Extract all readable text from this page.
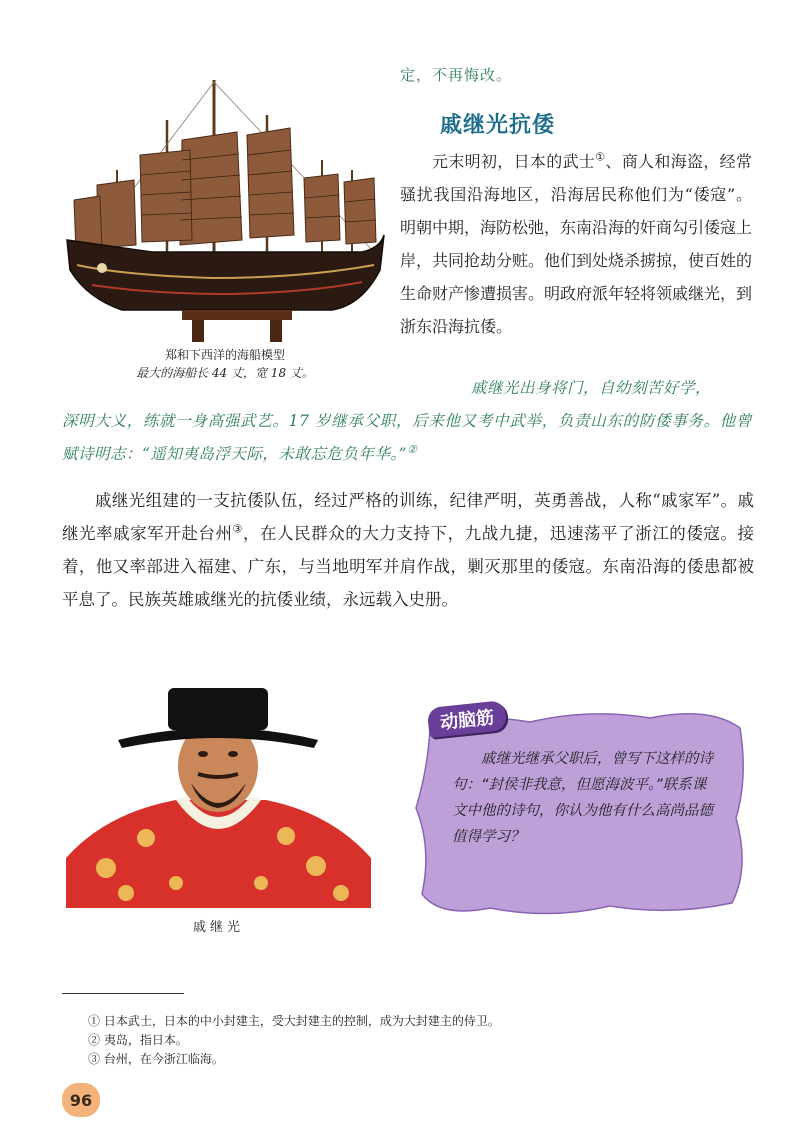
定，不再悔改。
郑和下西洋的海船模型
最大的海船长 44 丈，宽 18 丈。
戚继光抗倭
元末明初，日本的武士①、商人和海盗，经常骚扰我国沿海地区，沿海居民称他们为“倭寇”。明朝中期，海防松弛，东南沿海的奸商勾引倭寇上岸，共同抢劫分赃。他们到处烧杀掳掠，使百姓的生命财产惨遭损害。明政府派年轻将领戚继光，到浙东沿海抗倭。
戚继光出身将门，自幼刻苦好学，
深明大义，练就一身高强武艺。17 岁继承父职，后来他又考中武举，负责山东的防倭事务。他曾赋诗明志：“遥知夷岛浮天际，未敢忘危负年华。”②
戚继光组建的一支抗倭队伍，经过严格的训练，纪律严明，英勇善战，人称“戚家军”。戚继光率戚家军开赴台州③，在人民群众的大力支持下，九战九捷，迅速荡平了浙江的倭寇。接着，他又率部进入福建、广东，与当地明军并肩作战，剿灭那里的倭寇。东南沿海的倭患都被平息了。民族英雄戚继光的抗倭业绩，永远载入史册。
戚继光
动脑筋
戚继光继承父职后，曾写下这样的诗句：“封侯非我意，但愿海波平。”联系课文中他的诗句，你认为他有什么高尚品德值得学习？
① 日本武士，日本的中小封建主，受大封建主的控制，成为大封建主的侍卫。
② 夷岛，指日本。
③ 台州，在今浙江临海。
96
